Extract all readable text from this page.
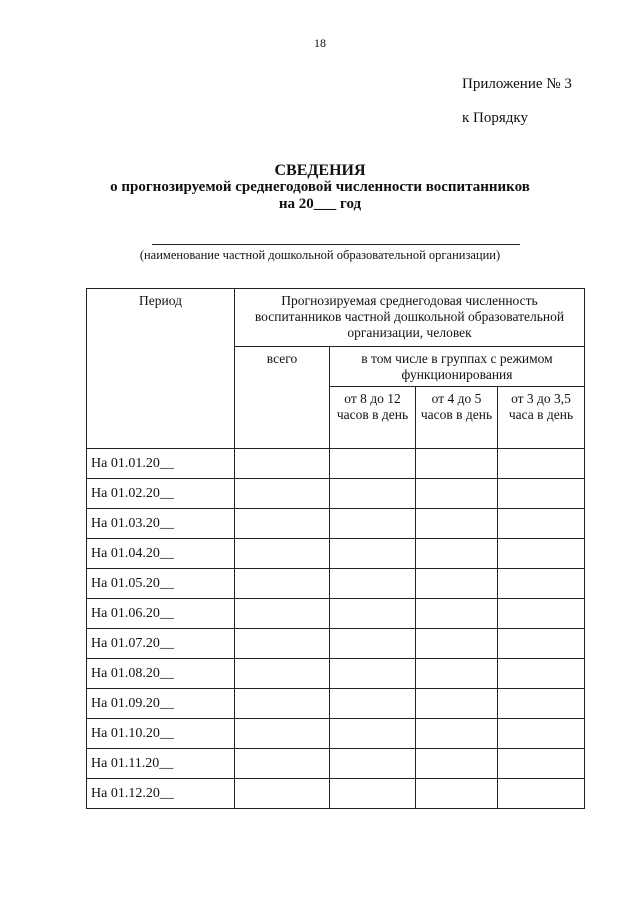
18
Приложение № 3
к Порядку
СВЕДЕНИЯ
о прогнозируемой среднегодовой численности воспитанников
на 20___ год
(наименование частной дошкольной образовательной организации)
Период	Прогнозируемая среднегодовая численность воспитанников частной дошкольной образовательной организации, человек			
	всего	в том числе в группах с режимом функционирования		
		от 8 до 12 часов в день	от 4 до 5 часов в день	от 3 до 3,5 часа в день
На 01.01.20__				
На 01.02.20__				
На 01.03.20__				
На 01.04.20__				
На 01.05.20__				
На 01.06.20__				
На 01.07.20__				
На 01.08.20__				
На 01.09.20__				
На 01.10.20__				
На 01.11.20__				
На 01.12.20__				
